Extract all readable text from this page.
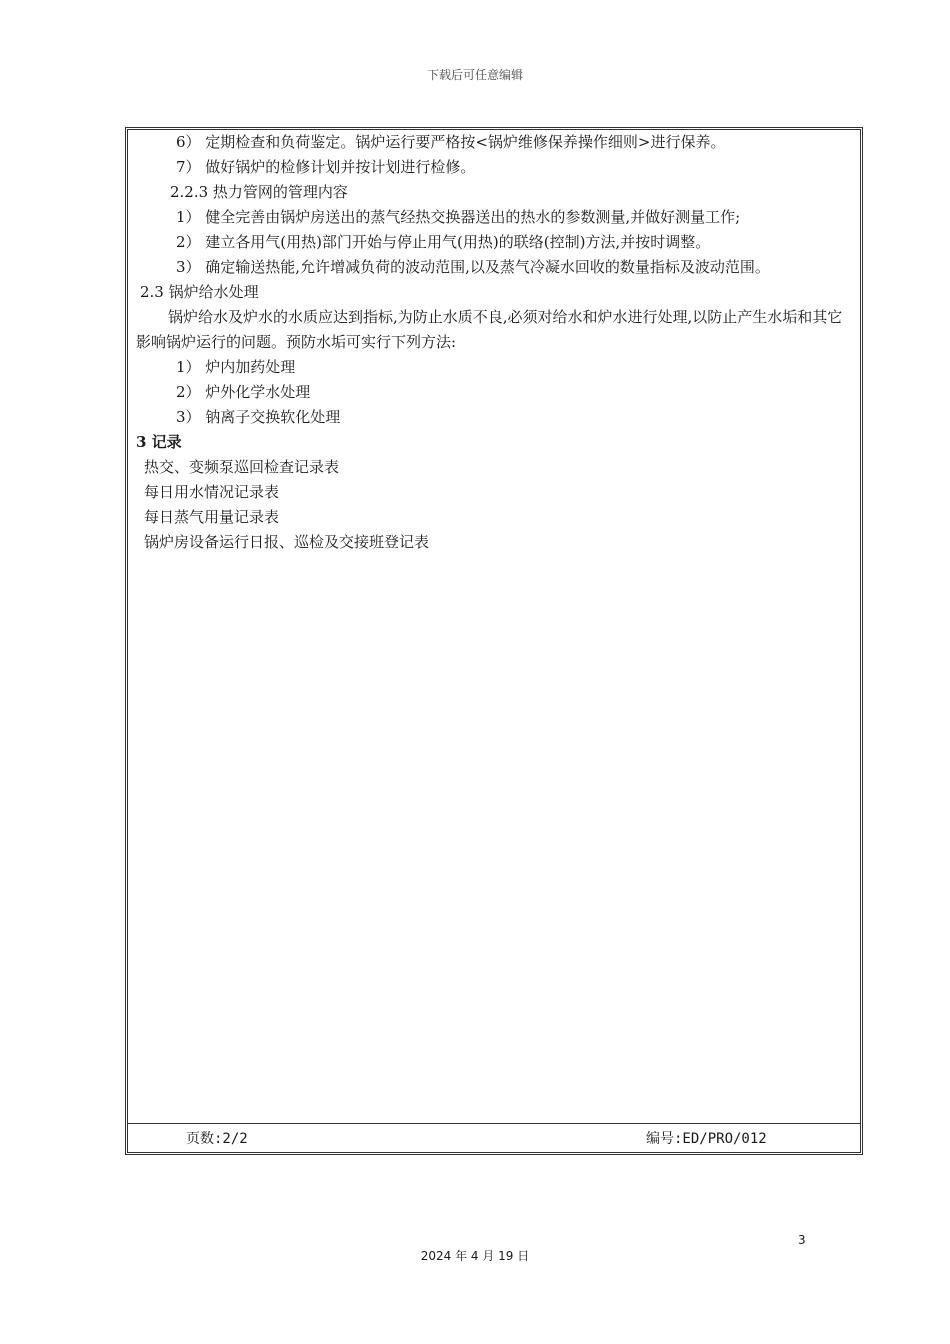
下载后可任意编辑
6） 定期检查和负荷鉴定。锅炉运行要严格按<锅炉维修保养操作细则>进行保养。
7） 做好锅炉的检修计划并按计划进行检修。
2.2.3 热力管网的管理内容
1） 健全完善由锅炉房送出的蒸气经热交换器送出的热水的参数测量,并做好测量工作;
2） 建立各用气(用热)部门开始与停止用气(用热)的联络(控制)方法,并按时调整。
3） 确定输送热能,允许增减负荷的波动范围,以及蒸气冷凝水回收的数量指标及波动范围。
2.3 锅炉给水处理
锅炉给水及炉水的水质应达到指标,为防止水质不良,必须对给水和炉水进行处理,以防止产生水垢和其它影响锅炉运行的问题。预防水垢可实行下列方法:
1） 炉内加药处理
2） 炉外化学水处理
3） 钠离子交换软化处理
3 记录
热交、变频泵巡回检查记录表
每日用水情况记录表
每日蒸气用量记录表
锅炉房设备运行日报、巡检及交接班登记表
页数:2/2	编号:ED/PRO/012
3
2024 年 4 月 19 日
